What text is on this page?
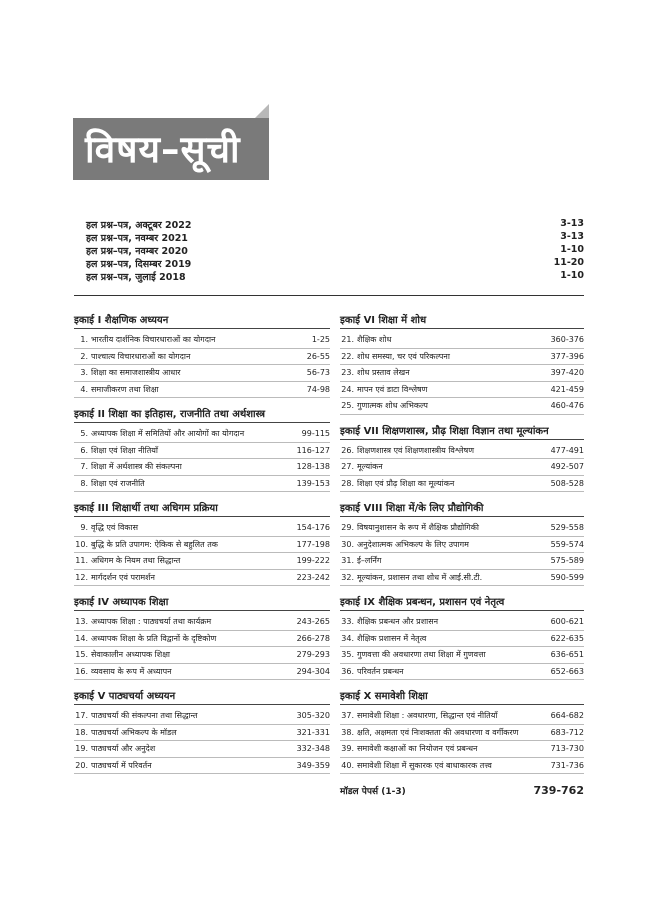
विषय–सूची
हल प्रश्न–पत्र, अक्टूबर 2022	3-13
हल प्रश्न–पत्र, नवम्बर 2021	3-13
हल प्रश्न–पत्र, नवम्बर 2020	1-10
हल प्रश्न–पत्र, दिसम्बर 2019	11-20
हल प्रश्न–पत्र, जुलाई 2018	1-10
इकाई I शैक्षणिक अध्ययन
1. भारतीय दार्शनिक विचारधाराओं का योगदान	1-25
2. पाश्चात्य विचारधाराओं का योगदान	26-55
3. शिक्षा का समाजशास्त्रीय आधार	56-73
4. समाजीकरण तथा शिक्षा	74-98
इकाई II शिक्षा का इतिहास, राजनीति तथा अर्थशास्त्र
5. अध्यापक शिक्षा में समितियों और आयोगों का योगदान	99-115
6. शिक्षा एवं शिक्षा नीतियाँ	116-127
7. शिक्षा में अर्थशास्त्र की संकल्पना	128-138
8. शिक्षा एवं राजनीति	139-153
इकाई III शिक्षार्थी तथा अधिगम प्रक्रिया
9. वृद्धि एवं विकास	154-176
10. बुद्धि के प्रति उपागम: ऐकिक से बहुलित तक	177-198
11. अधिगम के नियम तथा सिद्धान्त	199-222
12. मार्गदर्शन एवं परामर्शन	223-242
इकाई IV अध्यापक शिक्षा
13. अध्यापक शिक्षा : पाठ्यचर्या तथा कार्यक्रम	243-265
14. अध्यापक शिक्षा के प्रति विद्वानों के दृष्टिकोण	266-278
15. सेवाकालीन अध्यापक शिक्षा	279-293
16. व्यवसाय के रूप में अध्यापन	294-304
इकाई V पाठ्यचर्या अध्ययन
17. पाठ्यचर्या की संकल्पना तथा सिद्धान्त	305-320
18. पाठ्यचर्या अभिकल्प के मॉडल	321-331
19. पाठ्यचर्या और अनुदेश	332-348
20. पाठ्यचर्या में परिवर्तन	349-359
इकाई VI शिक्षा में शोध
21. शैक्षिक शोध	360-376
22. शोध समस्या, चर एवं परिकल्पना	377-396
23. शोध प्रस्ताव लेखन	397-420
24. मापन एवं डाटा विश्लेषण	421-459
25. गुणात्मक शोध अभिकल्प	460-476
इकाई VII शिक्षणशास्त्र, प्रौढ़ शिक्षा विज्ञान तथा मूल्यांकन
26. शिक्षणशास्त्र एवं शिक्षणशास्त्रीय विश्लेषण	477-491
27. मूल्यांकन	492-507
28. शिक्षा एवं प्रौढ़ शिक्षा का मूल्यांकन	508-528
इकाई VIII शिक्षा में/के लिए प्रौद्योगिकी
29. विषयानुशासन के रूप में शैक्षिक प्रौद्योगिकी	529-558
30. अनुदेशात्मक अभिकल्प के लिए उपागम	559-574
31. ई–लर्निंग	575-589
32. मूल्यांकन, प्रशासन तथा शोध में आई.सी.टी.	590-599
इकाई IX शैक्षिक प्रबन्धन, प्रशासन एवं नेतृत्व
33. शैक्षिक प्रबन्धन और प्रशासन	600-621
34. शैक्षिक प्रशासन में नेतृत्व	622-635
35. गुणवत्ता की अवधारणा तथा शिक्षा में गुणवत्ता	636-651
36. परिवर्तन प्रबन्धन	652-663
इकाई X समावेशी शिक्षा
37. समावेशी शिक्षा : अवधारणा, सिद्धान्त एवं नीतियाँ	664-682
38. क्षति, अक्षमता एवं निःशक्तता की अवधारणा व वर्गीकरण	683-712
39. समावेशी कक्षाओं का नियोजन एवं प्रबन्धन	713-730
40. समावेशी शिक्षा में सुकारक एवं बाधाकारक तत्त्व	731-736
मॉडल पेपर्स (1-3)	739-762
